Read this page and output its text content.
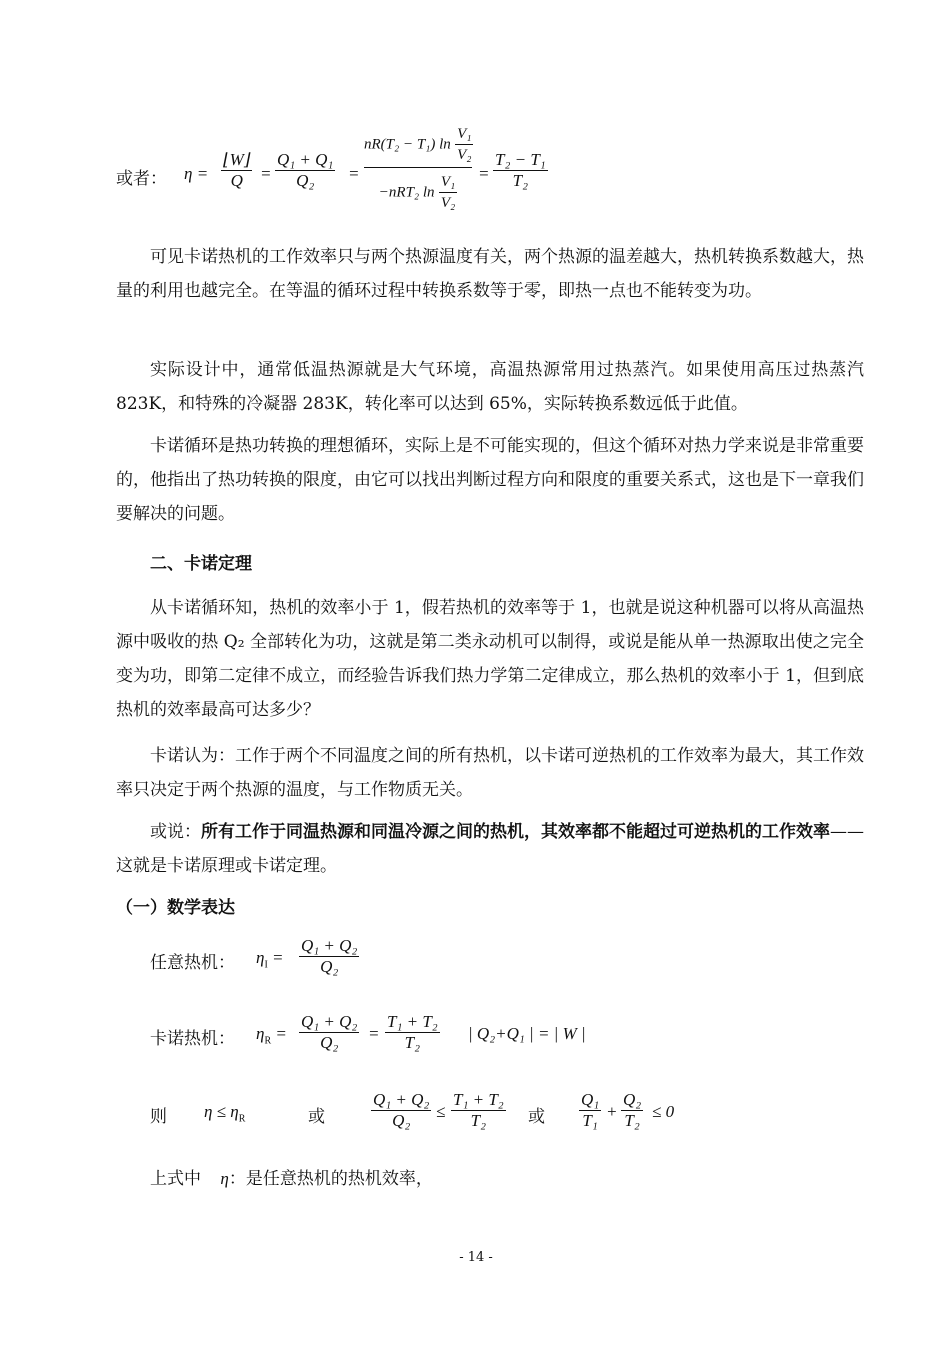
或者： $\eta = \frac{⌊W⌋}{Q} = \frac{\text{Q₁ + Q₁}}{\text{Q₂}}$ =
nR(T₂ − T₁) $\ln \frac{\text{V₁}}{\text{V₂}}$
−nRT₂ $\ln \frac{\text{V₁}}{\text{V₂}} = \frac{\text{T₂ − T₁}}{\text{T₂}}$

可见卡诺热机的工作效率只与两个热源温度有关，两个热源的温差越大，热机转换系数越大，热量的利用也越完全。在等温的循环过程中转换系数等于零，即热一点也不能转变为功。

实际设计中，通常低温热源就是大气环境，高温热源常用过热蒸汽。如果使用高压过热蒸汽 823K，和特殊的冷凝器 283K，转化率可以达到 65%，实际转换系数远低于此值。

卡诺循环是热功转换的理想循环，实际上是不可能实现的，但这个循环对热力学来说是非常重要的，他指出了热功转换的限度，由它可以找出判断过程方向和限度的重要关系式，这也是下一章我们要解决的问题。

二、卡诺定理

从卡诺循环知，热机的效率小于 1，假若热机的效率等于 1，也就是说这种机器可以将从高温热源中吸收的热 Q₂ 全部转化为功，这就是第二类永动机可以制得，或说是能从单一热源取出使之完全变为功，即第二定律不成立，而经验告诉我们热力学第二定律成立，那么热机的效率小于 1，但到底热机的效率最高可达多少？

卡诺认为：工作于两个不同温度之间的所有热机，以卡诺可逆热机的工作效率为最大，其工作效率只决定于两个热源的温度，与工作物质无关。

或说：所有工作于同温热源和同温冷源之间的热机，其效率都不能超过可逆热机的工作效率——这就是卡诺原理或卡诺定理。

（一）数学表达
任意热机： $\eta_I = \frac{\text{Q₁ + Q₂}}{\text{Q₂}}$
卡诺热机： $\eta_R = \frac{\text{Q₁ + Q₂}}{\text{Q₂}} = \frac{\text{T₁ + T₂}}{\text{T₂}}$ | Q₂+Q₁ | = | W |
则 $\eta \le \eta_R$	或	$\frac{\text{Q₁ + Q₂}}{\text{Q₂}} \le \frac{\text{T₁ + T₂}}{\text{T₂}}$ 或 $\frac{\text{Q₁}}{\text{T₁}} + \frac{\text{Q₂}}{\text{T₂}} \le 0$
上式中 η：是任意热机的热机效率，
- 14 -
